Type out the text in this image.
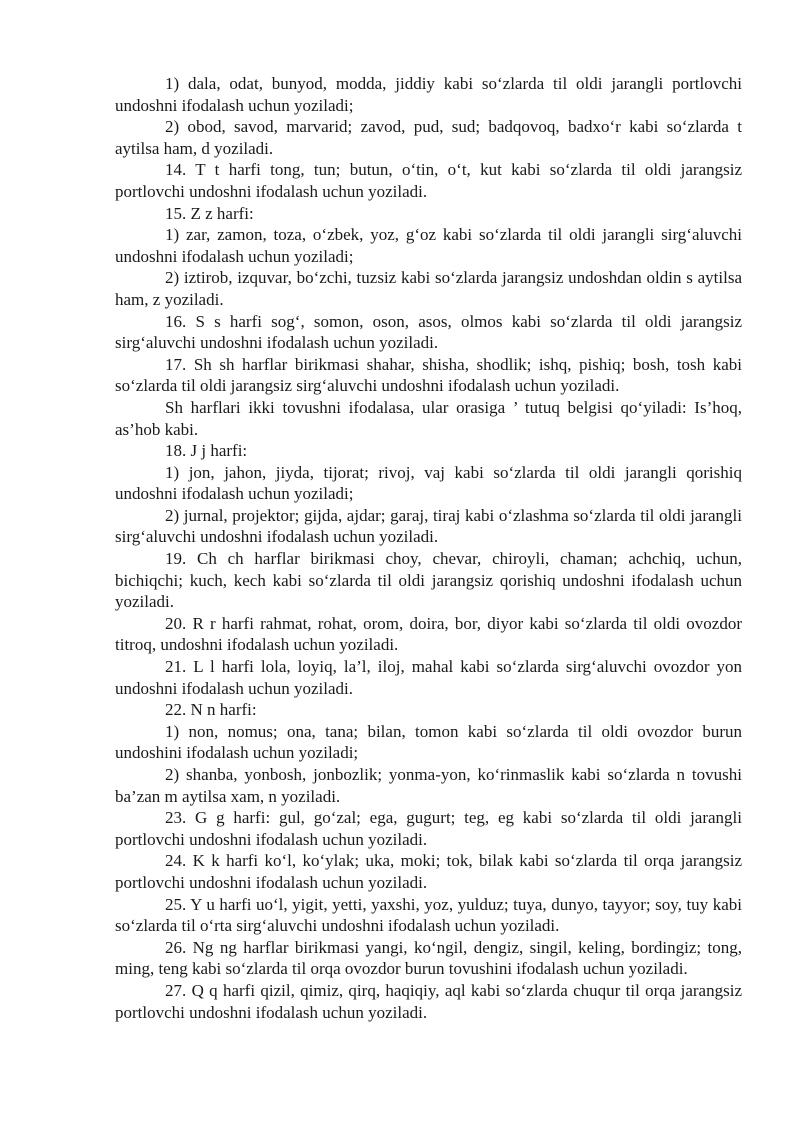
1) dala, odat, bunyod, modda, jiddiy kabi so‘zlarda til oldi jarangli portlovchi undoshni ifodalash uchun yoziladi;

2) obod, savod, marvarid; zavod, pud, sud; badqovoq, badxo‘r kabi so‘zlarda t aytilsa ham, d yoziladi.

14. T t harfi tong, tun; butun, o‘tin, o‘t, kut kabi so‘zlarda til oldi jarangsiz portlovchi undoshni ifodalash uchun yoziladi.

15. Z z harfi:

1) zar, zamon, toza, o‘zbek, yoz, g‘oz kabi so‘zlarda til oldi jarangli sirg‘aluvchi undoshni ifodalash uchun yoziladi;

2) iztirob, izquvar, bo‘zchi, tuzsiz kabi so‘zlarda jarangsiz undoshdan oldin s aytilsa ham, z yoziladi.

16. S s harfi sog‘, somon, oson, asos, olmos kabi so‘zlarda til oldi jarangsiz sirg‘aluvchi undoshni ifodalash uchun yoziladi.

17. Sh sh harflar birikmasi shahar, shisha, shodlik; ishq, pishiq; bosh, tosh kabi so‘zlarda til oldi jarangsiz sirg‘aluvchi undoshni ifodalash uchun yoziladi.

Sh harflari ikki tovushni ifodalasa, ular orasiga ’ tutuq belgisi qo‘yiladi: Is’hoq, as’hob kabi.

18. J j harfi:

1) jon, jahon, jiyda, tijorat; rivoj, vaj kabi so‘zlarda til oldi jarangli qorishiq undoshni ifodalash uchun yoziladi;

2) jurnal, projektor; gijda, ajdar; garaj, tiraj kabi o‘zlashma so‘zlarda til oldi jarangli sirg‘aluvchi undoshni ifodalash uchun yoziladi.

19. Ch ch harflar birikmasi choy, chevar, chiroyli, chaman; achchiq, uchun, bichiqchi; kuch, kech kabi so‘zlarda til oldi jarangsiz qorishiq undoshni ifodalash uchun yoziladi.

20. R r harfi rahmat, rohat, orom, doira, bor, diyor kabi so‘zlarda til oldi ovozdor titroq, undoshni ifodalash uchun yoziladi.

21. L l harfi lola, loyiq, la’l, iloj, mahal kabi so‘zlarda sirg‘aluvchi ovozdor yon undoshni ifodalash uchun yoziladi.

22. N n harfi:

1) non, nomus; ona, tana; bilan, tomon kabi so‘zlarda til oldi ovozdor burun undoshini ifodalash uchun yoziladi;

2) shanba, yonbosh, jonbozlik; yonma-yon, ko‘rinmaslik kabi so‘zlarda n tovushi ba’zan m aytilsa xam, n yoziladi.

23. G g harfi: gul, go‘zal; ega, gugurt; teg, eg kabi so‘zlarda til oldi jarangli portlovchi undoshni ifodalash uchun yoziladi.

24. K k harfi ko‘l, ko‘ylak; uka, moki; tok, bilak kabi so‘zlarda til orqa jarangsiz portlovchi undoshni ifodalash uchun yoziladi.

25. Y u harfi uo‘l, yigit, yetti, yaxshi, yoz, yulduz; tuya, dunyo, tayyor; soy, tuy kabi so‘zlarda til o‘rta sirg‘aluvchi undoshni ifodalash uchun yoziladi.

26. Ng ng harflar birikmasi yangi, ko‘ngil, dengiz, singil, keling, bordingiz; tong, ming, teng kabi so‘zlarda til orqa ovozdor burun tovushini ifodalash uchun yoziladi.

27. Q q harfi qizil, qimiz, qirq, haqiqiy, aql kabi so‘zlarda chuqur til orqa jarangsiz portlovchi undoshni ifodalash uchun yoziladi.
